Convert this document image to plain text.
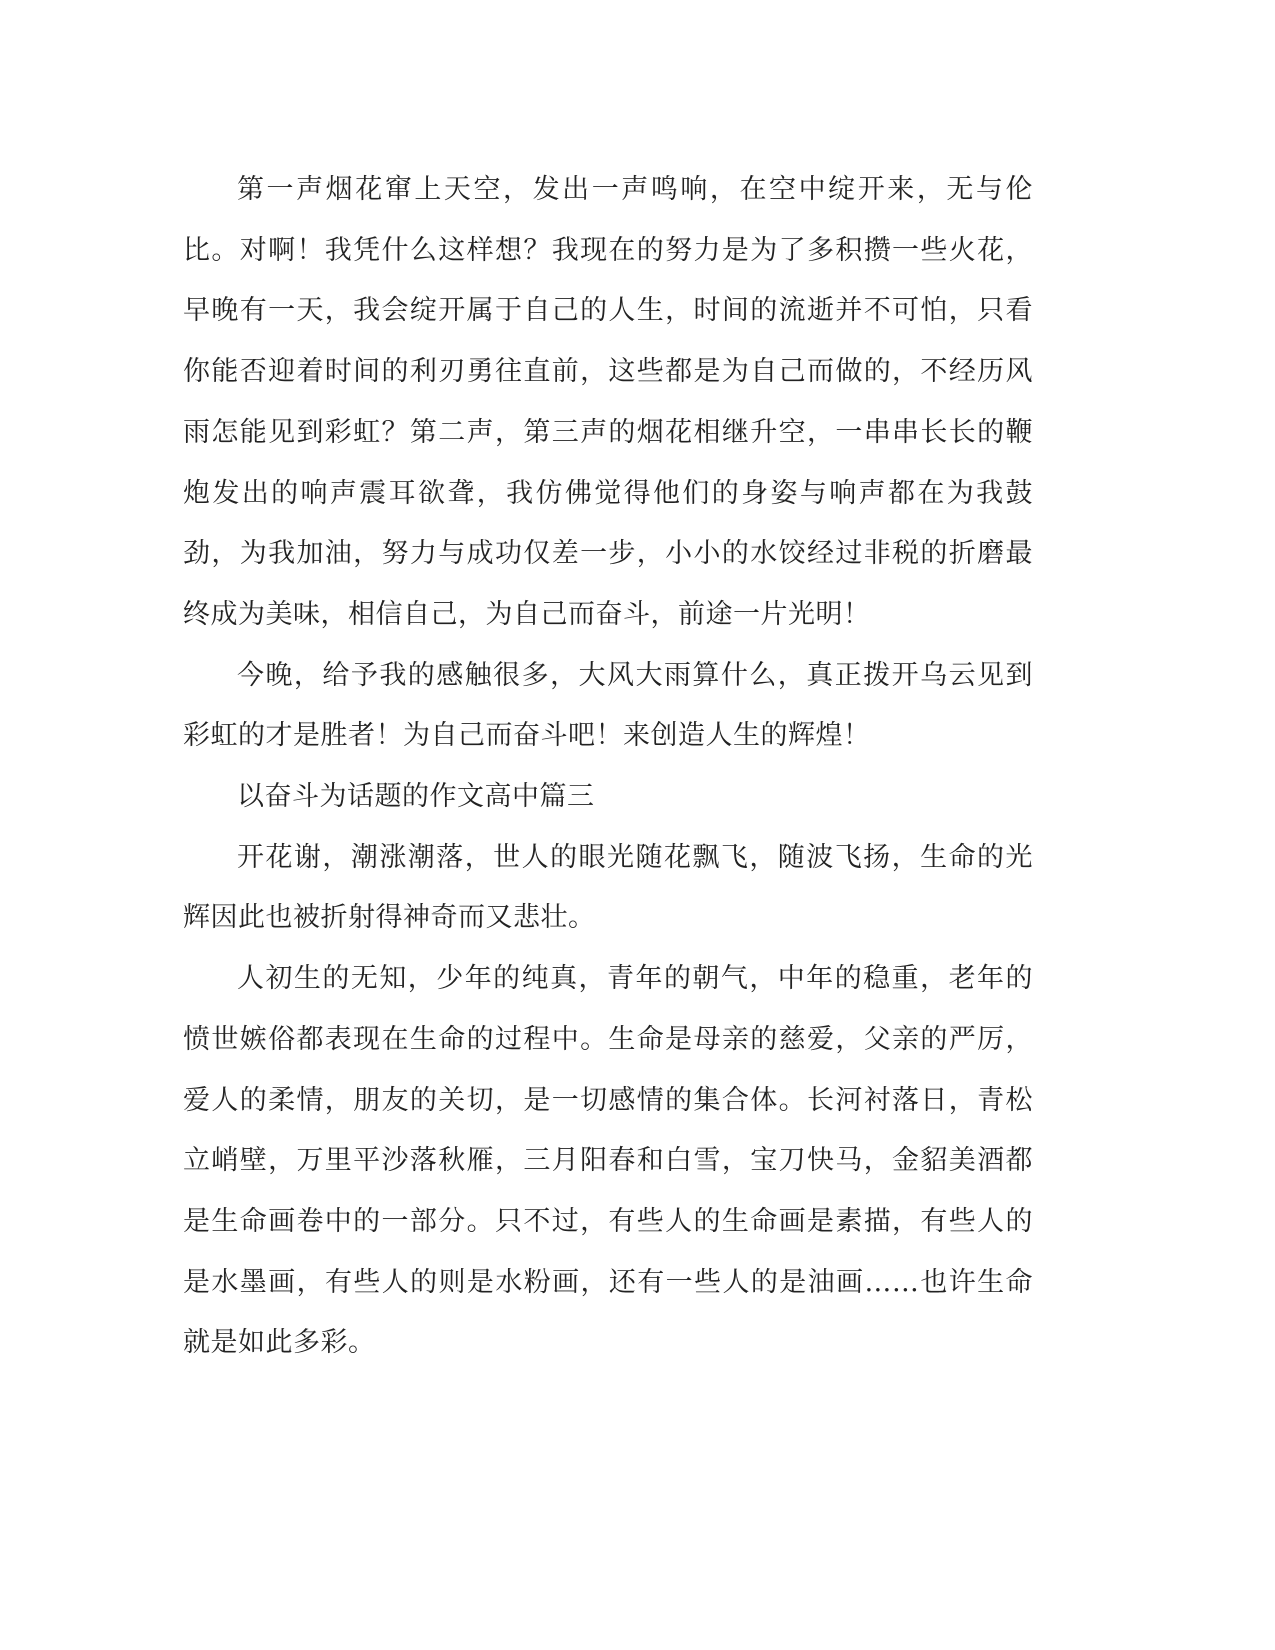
第一声烟花窜上天空，发出一声鸣响，在空中绽开来，无与伦比。对啊！我凭什么这样想？我现在的努力是为了多积攒一些火花，早晚有一天，我会绽开属于自己的人生，时间的流逝并不可怕，只看你能否迎着时间的利刃勇往直前，这些都是为自己而做的，不经历风雨怎能见到彩虹？第二声，第三声的烟花相继升空，一串串长长的鞭炮发出的响声震耳欲聋，我仿佛觉得他们的身姿与响声都在为我鼓劲，为我加油，努力与成功仅差一步，小小的水饺经过非税的折磨最终成为美味，相信自己，为自己而奋斗，前途一片光明！

今晚，给予我的感触很多，大风大雨算什么，真正拨开乌云见到彩虹的才是胜者！为自己而奋斗吧！来创造人生的辉煌！

以奋斗为话题的作文高中篇三

开花谢，潮涨潮落，世人的眼光随花飘飞，随波飞扬，生命的光辉因此也被折射得神奇而又悲壮。

人初生的无知，少年的纯真，青年的朝气，中年的稳重，老年的愤世嫉俗都表现在生命的过程中。生命是母亲的慈爱，父亲的严厉，爱人的柔情，朋友的关切，是一切感情的集合体。长河衬落日，青松立峭壁，万里平沙落秋雁，三月阳春和白雪，宝刀快马，金貂美酒都是生命画卷中的一部分。只不过，有些人的生命画是素描，有些人的是水墨画，有些人的则是水粉画，还有一些人的是油画……也许生命就是如此多彩。
